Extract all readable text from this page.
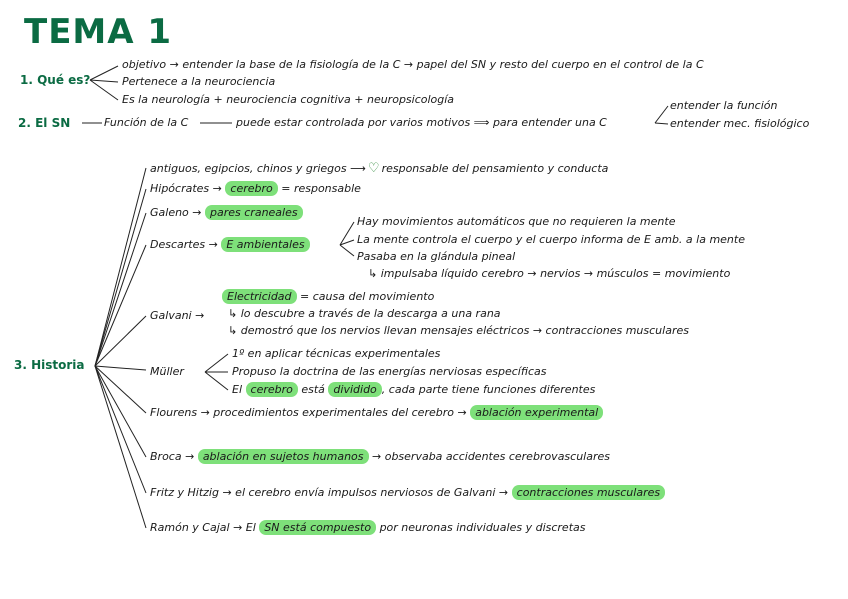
TEMA 1
1. Qué es?
objetivo → entender la base de la fisiología de la C → papel del SN y resto del cuerpo en el control de la C
Pertenece a la neurociencia
Es la neurología + neurociencia cognitiva + neuropsicología
2. El SN	Función de la C	puede estar controlada por varios motivos ⟹ para entender una C
entender la función
entender mec. fisiológico
3. Historia
antiguos, egipcios, chinos y griegos ⟶ ♡ responsable del pensamiento y conducta
Hipócrates → cerebro = responsable
Galeno → pares craneales
Descartes → E ambientales
Hay movimientos automáticos que no requieren la mente
La mente controla el cuerpo y el cuerpo informa de E amb. a la mente
Pasaba en la glándula pineal
↳ impulsaba líquido cerebro → nervios → músculos = movimiento
Galvani →
Electricidad = causa del movimiento
↳ lo descubre a través de la descarga a una rana
↳ demostró que los nervios llevan mensajes eléctricos → contracciones musculares
Müller
1º en aplicar técnicas experimentales
Propuso la doctrina de las energías nerviosas específicas
El cerebro está dividido , cada parte tiene funciones diferentes
Flourens → procedimientos experimentales del cerebro → ablación experimental
Broca → ablación en sujetos humanos → observaba accidentes cerebrovasculares
Fritz y Hitzig → el cerebro envía impulsos nerviosos de Galvani → contracciones musculares
Ramón y Cajal → El SN está compuesto por neuronas individuales y discretas
